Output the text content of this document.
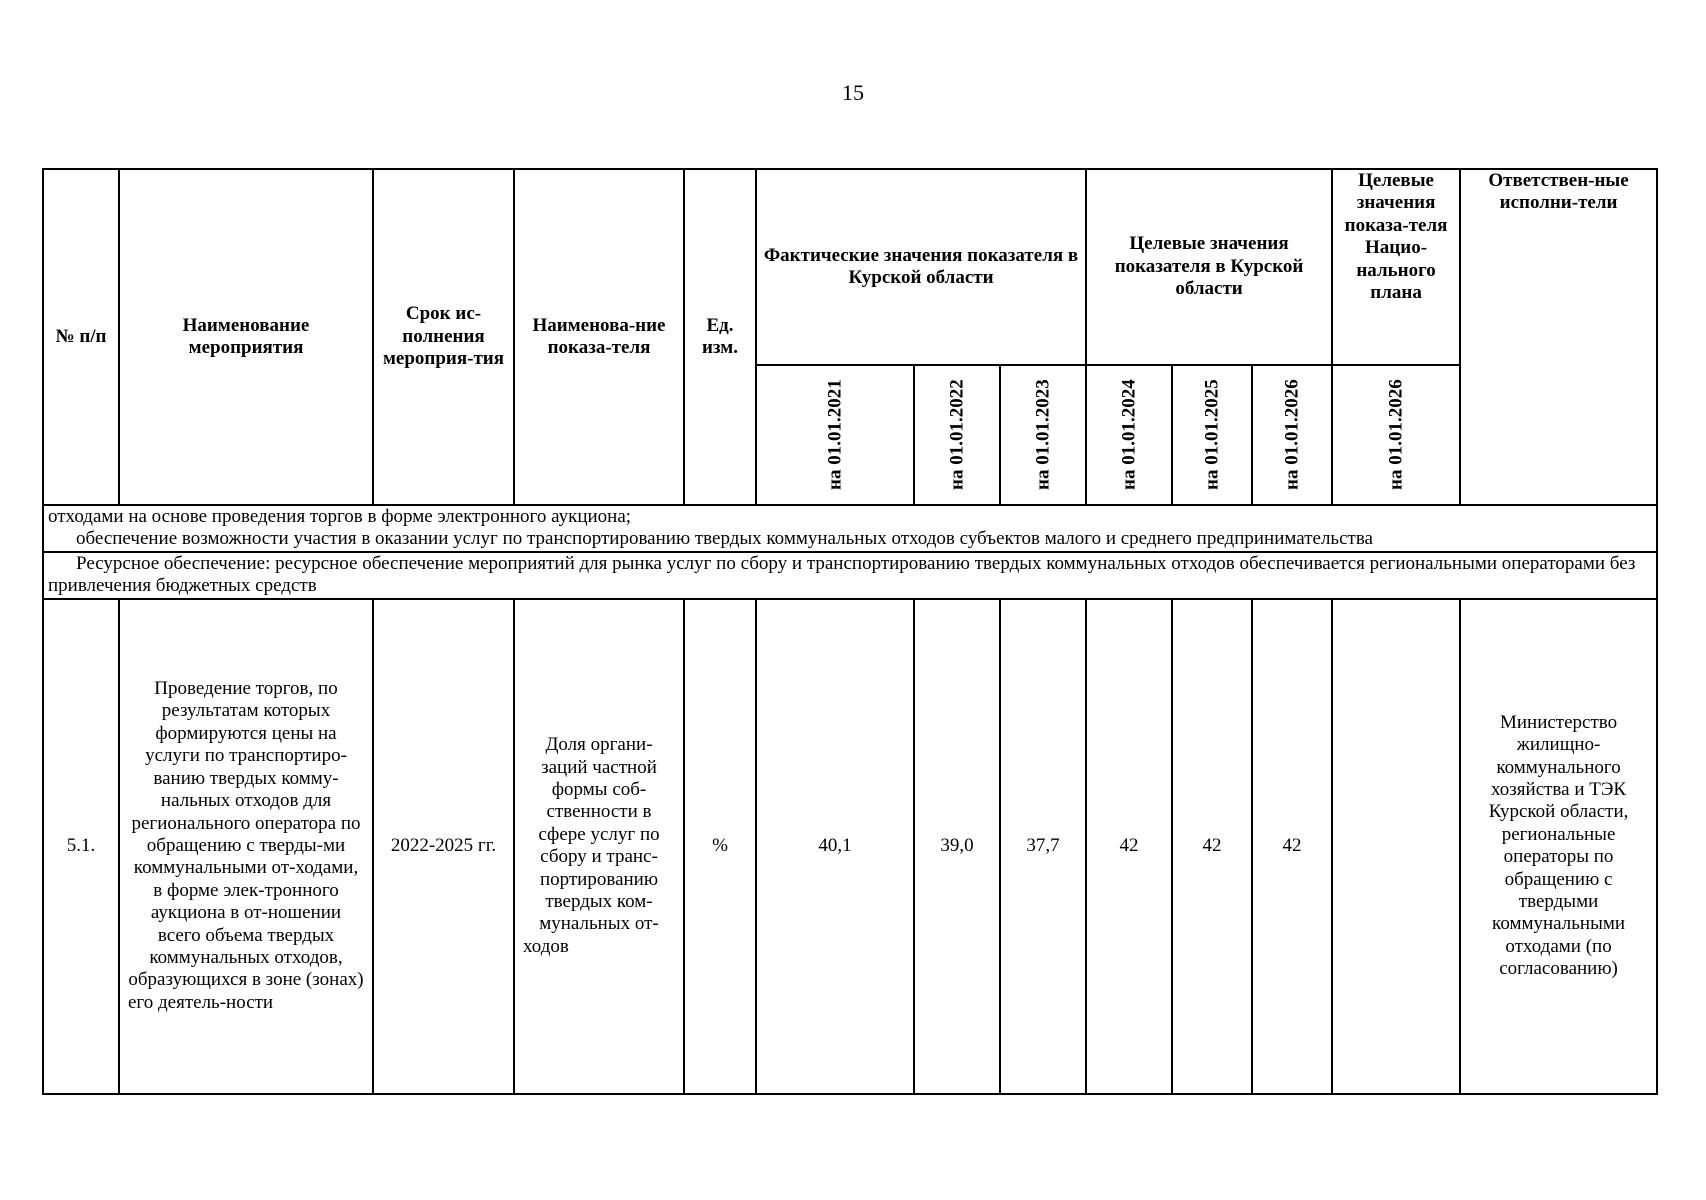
15
№ п/п	Наименование мероприятия	Срок ис-полнения мероприя-тия	Наименова-ние показа-теля	Ед. изм.	Фактические значения показателя в Курской области			Целевые значения показателя в Курской области			Целевые значения показа-теля Нацио-нального плана	Ответствен-ные исполни-тели

					на 01.01.2021	на 01.01.2022	на 01.01.2023	на 01.01.2024	на 01.01.2025	на 01.01.2026	на 01.01.2026	

отходами на основе проведения торгов в форме электронного аукциона;
обеспечение возможности участия в оказании услуг по транспортированию твердых коммунальных отходов субъектов малого и среднего предпринимательства												

Ресурсное обеспечение: ресурсное обеспечение мероприятий для рынка услуг по сбору и транспортированию твердых коммунальных отходов обеспечивается региональными операторами без привлечения бюджетных средств												
5.1.	Проведение торгов, по результатам которых формируются цены на услуги по транспортиро-ванию твердых комму-нальных отходов для регионального оператора по обращению с тверды-ми коммунальными от-ходами, в форме элек-тронного аукциона в от-ношении всего объема твердых коммунальных отходов, образующихся в зоне (зонах) его деятель-ности	2022-2025 гг.	Доля органи-заций частной формы соб-ственности в сфере услуг по сбору и транс-портированию твердых ком-мунальных от-ходов	%	40,1	39,0	37,7	42	42	42		Министерство жилищно-коммунального хозяйства и ТЭК Курской области, региональные операторы по обращению с твердыми коммунальными отходами (по согласованию)
